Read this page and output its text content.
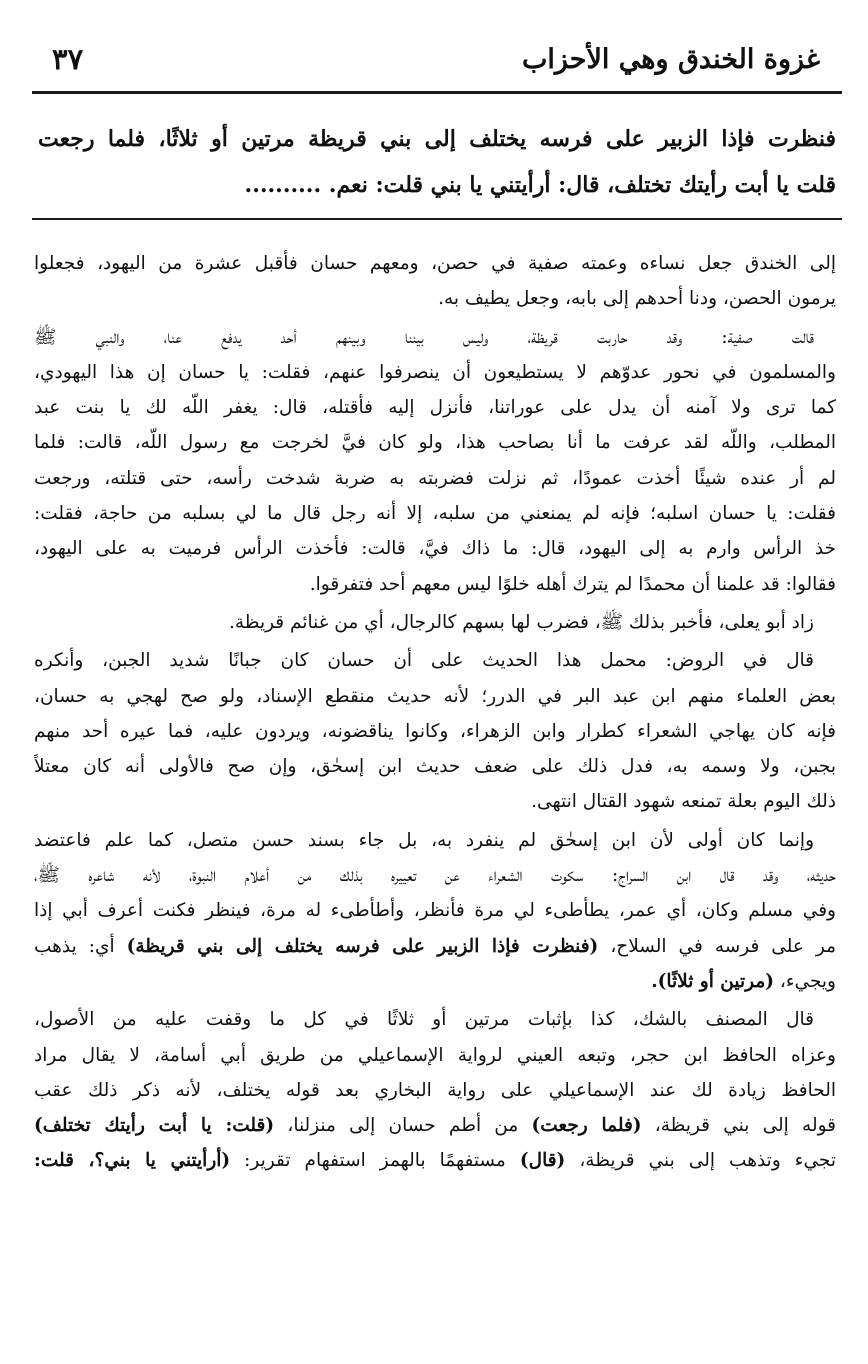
غزوة الخندق وهي الأحزاب
٣٧
فنظرت فإذا الزبير على فرسه يختلف إلى بني قريظة مرتين أو ثلاثًا، فلما رجعت
قلت يا أبت رأيتك تختلف، قال: أرأيتني يا بني قلت: نعم. ..........
إلى الخندق جعل نساءه وعمته صفية في حصن، ومعهم حسان فأقبل عشرة من اليهود، فجعلوا
يرمون الحصن، ودنا أحدهم إلى بابه، وجعل يطيف به.
قالت صفية: وقد حاربت قريظة، وليس بيننا وبينهم أحد يدفع عنا، والنبي ﷺ
والمسلمون في نحور عدوّهم لا يستطيعون أن ينصرفوا عنهم، فقلت: يا حسان إن هذا اليهودي،
كما ترى ولا آمنه أن يدل على عوراتنا، فأنزل إليه فأقتله، قال: يغفر اللّه لك يا بنت عبد
المطلب، واللّه لقد عرفت ما أنا بصاحب هذا، ولو كان فيَّ لخرجت مع رسول اللّه، قالت: فلما
لم أر عنده شيئًا أخذت عمودًا، ثم نزلت فضربته به ضربة شدخت رأسه، حتى قتلته، ورجعت
فقلت: يا حسان اسلبه؛ فإنه لم يمنعني من سلبه، إلا أنه رجل قال ما لي بسلبه من حاجة، فقلت:
خذ الرأس وارم به إلى اليهود، قال: ما ذاك فيَّ، قالت: فأخذت الرأس فرميت به على اليهود،
فقالوا: قد علمنا أن محمدًا لم يترك أهله خلوًا ليس معهم أحد فتفرقوا.
زاد أبو يعلى، فأخبر بذلك ﷺ، فضرب لها بسهم كالرجال، أي من غنائم قريظة.
قال في الروض: محمل هذا الحديث على أن حسان كان جبانًا شديد الجبن، وأنكره
بعض العلماء منهم ابن عبد البر في الدرر؛ لأنه حديث منقطع الإسناد، ولو صح لهجي به حسان،
فإنه كان يهاجي الشعراء كطرار وابن الزهراء، وكانوا يناقضونه، ويردون عليه، فما عيره أحد منهم
بجبن، ولا وسمه به، فدل ذلك على ضعف حديث ابن إسحٰق، وإن صح فالأولى أنه كان معتلاً
ذلك اليوم بعلة تمنعه شهود القتال انتهى.
وإنما كان أولى لأن ابن إسحٰق لم ينفرد به، بل جاء بسند حسن متصل، كما علم فاعتضد
حديثه، وقد قال ابن السراج: سكوت الشعراء عن تعييره بذلك من أعلام النبوة، لأنه شاعره ﷺ،
وفي مسلم وكان، أي عمر، يطأطىء لي مرة فأنظر، وأطأطىء له مرة، فينظر فكنت أعرف أبي إذا
مر على فرسه في السلاح، (فنظرت فإذا الزبير على فرسه يختلف إلى بني قريظة) أي: يذهب
ويجيء، (مرتين أو ثلاثًا).
قال المصنف بالشك، كذا بإثبات مرتين أو ثلاثًا في كل ما وقفت عليه من الأصول،
وعزاه الحافظ ابن حجر، وتبعه العيني لرواية الإسماعيلي من طريق أبي أسامة، لا يقال مراد
الحافظ زيادة لك عند الإسماعيلي على رواية البخاري بعد قوله يختلف، لأنه ذكر ذلك عقب
قوله إلى بني قريظة، (فلما رجعت) من أطم حسان إلى منزلنا، (قلت: يا أبت رأيتك تختلف)
تجيء وتذهب إلى بني قريظة، (قال) مستفهمًا بالهمز استفهام تقرير: (أرأيتني يا بني؟، قلت:
